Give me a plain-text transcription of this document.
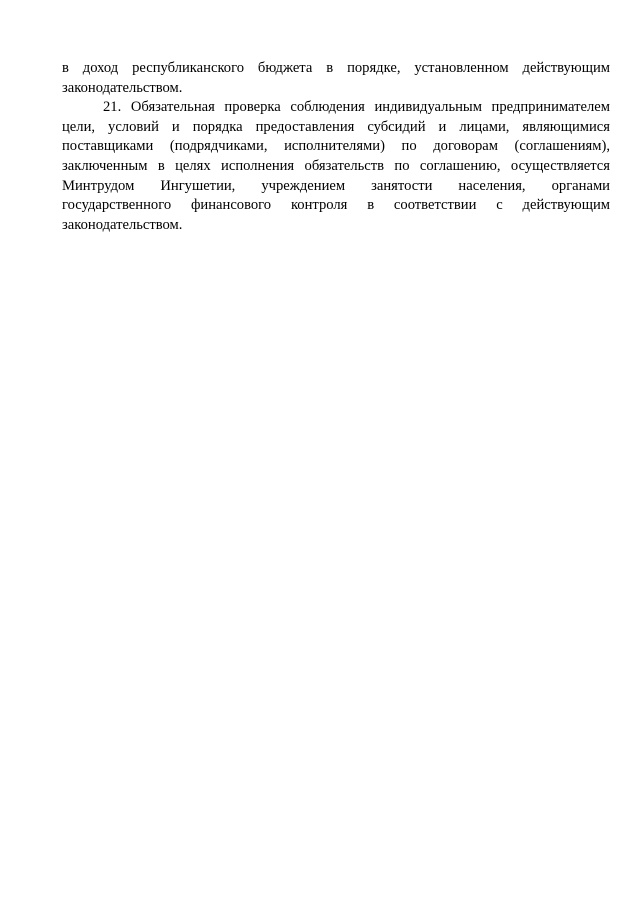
в доход республиканского бюджета в порядке, установленном действующим
законодательством.
21. Обязательная проверка соблюдения индивидуальным предпринимателем
цели, условий и порядка предоставления субсидий и лицами, являющимися
поставщиками (подрядчиками, исполнителями) по договорам (соглашениям),
заключенным в целях исполнения обязательств по соглашению, осуществляется
Минтрудом Ингушетии, учреждением занятости населения, органами
государственного финансового контроля в соответствии с действующим
законодательством.
